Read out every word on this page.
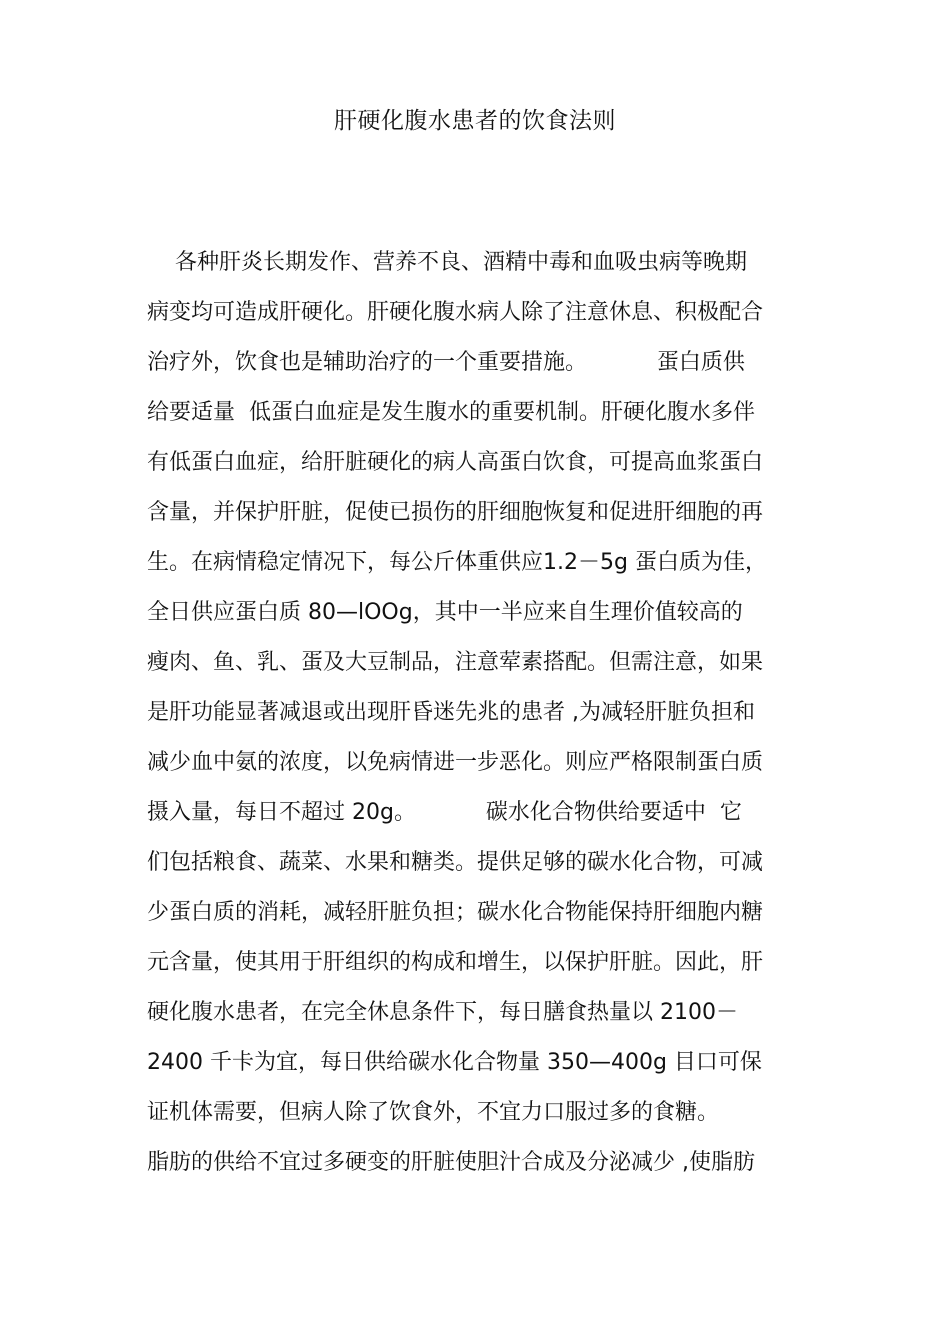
肝硬化腹水患者的饮食法则
各种肝炎长期发作、营养不良、酒精中毒和血吸虫病等晚期
病变均可造成肝硬化。肝硬化腹水病人除了注意休息、积极配合
治疗外，饮食也是辅助治疗的一个重要措施。          蛋白质供
给要适量  低蛋白血症是发生腹水的重要机制。肝硬化腹水多伴
有低蛋白血症，给肝脏硬化的病人高蛋白饮食，可提高血浆蛋白
含量，并保护肝脏，促使已损伤的肝细胞恢复和促进肝细胞的再
生。在病情稳定情况下，每公斤体重供应1.2－5g 蛋白质为佳，
全日供应蛋白质 80—lOOg，其中一半应来自生理价值较高的
瘦肉、鱼、乳、蛋及大豆制品，注意荤素搭配。但需注意，如果
是肝功能显著减退或出现肝昏迷先兆的患者 ,为减轻肝脏负担和
减少血中氨的浓度，以免病情进一步恶化。则应严格限制蛋白质
摄入量，每日不超过 20g。          碳水化合物供给要适中  它
们包括粮食、蔬菜、水果和糖类。提供足够的碳水化合物，可减
少蛋白质的消耗，减轻肝脏负担；碳水化合物能保持肝细胞内糖
元含量，使其用于肝组织的构成和增生，以保护肝脏。因此，肝
硬化腹水患者，在完全休息条件下，每日膳食热量以 2100－
2400 千卡为宜，每日供给碳水化合物量 350—400g 目口可保
证机体需要，但病人除了饮食外，不宜力口服过多的食糖。
脂肪的供给不宜过多硬变的肝脏使胆汁合成及分泌减少 ,使脂肪
